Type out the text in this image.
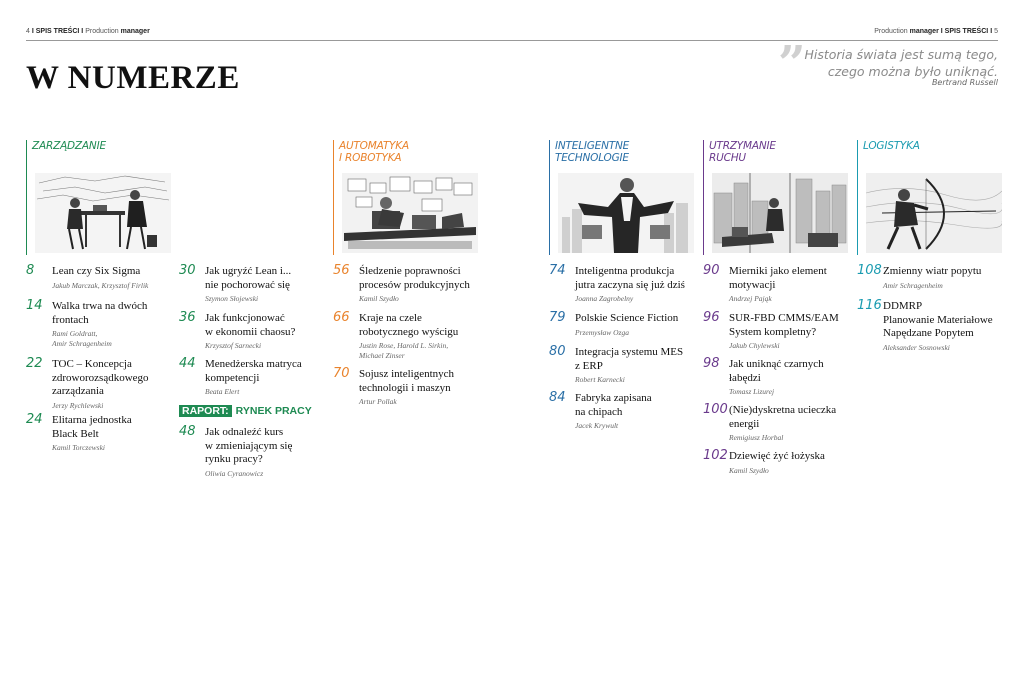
4 I SPIS TREŚCI I Production manager	Production manager I SPIS TREŚCI I 5
W NUMERZE	”
Historia świata jest sumą tego,
czego można było uniknąć.
Bertrand Russell
ZARZĄDZANIE	AUTOMATYKA
I ROBOTYKA
INTELIGENTNE
TECHNOLOGIE
UTRZYMANIE
RUCHU
LOGISTYKA
8 Lean czy Six Sigma
Jakub Marczak, Krzysztof Firlik
14 Walka trwa na dwóch
frontach
Rami Goldratt,
Amir Schragenheim
22 TOC – Koncepcja
zdroworozsądkowego
zarządzania
Jerzy Rychlewski
24 Elitarna jednostka
Black Belt
Kamil Torczewski
30 Jak ugryźć Lean i...
nie pochorować się
Szymon Słojewski
36 Jak funkcjonować
w ekonomii chaosu?
Krzysztof Sarnecki
44 Menedżerska matryca
kompetencji
Beata Elert
RAPORT: RYNEK PRACY
48 Jak odnaleźć kurs
w zmieniającym się
rynku pracy?
Oliwia Cyranowicz
56 Śledzenie poprawności
procesów produkcyjnych
Kamil Szydło
66 Kraje na czele
robotycznego wyścigu
Justin Rose, Harold L. Sirkin,
Michael Zinser
70 Sojusz inteligentnych
technologii i maszyn
Artur Pollak
74 Inteligentna produkcja
jutra zaczyna się już dziś
Joanna Zagrobelny
79 Polskie Science Fiction
Przemysław Ozga
80 Integracja systemu MES
z ERP
Robert Karnecki
84 Fabryka zapisana
na chipach
Jacek Krywult
90 Mierniki jako element
motywacji
Andrzej Pająk
96 SUR-FBD CMMS/EAM
System kompletny?
Jakub Chylewski
98 Jak uniknąć czarnych
łabędzi
Tomasz Lizurej
100 (Nie)dyskretna ucieczka
energii
Remigiusz Horbal
102 Dziewięć żyć łożyska
Kamil Szydło
108 Zmienny wiatr popytu
Amir Schragenheim
116 DDMRP
Planowanie Materiałowe
Napędzane Popytem
Aleksander Sosnowski
